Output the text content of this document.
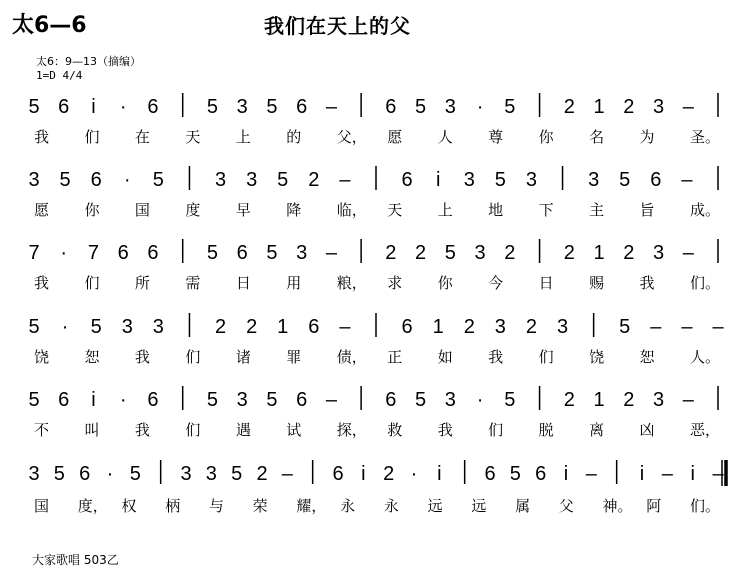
太6—6	我们在天上的父
太6：9—13（摘编）
1=D 4/4
5 6 i · 6 5 3 5 6 – 6 5 3 · 5 2 1 2 3 –
我 们 在 天 上 的 父， 愿 人 尊 你 名 为 圣。
3 5 6 · 5	3 3 5 2 –	6 i 3 5 3	3 5 6 –
愿 你 国 度 早 降 临， 天 上 地 下 主 旨 成。
7 · 7 6 6 5 6 5 3 – 2 2 5 3 2 2 1 2 3 –
我 们 所 需 日 用 粮， 求 你 今 日 赐 我 们。
5 · 5 3 3	2 2 1 6 –	6 1 2 3 2 3	5 – – –
饶 恕 我 们 诸 罪 债， 正 如 我 们 饶 恕 人。
5 6 i · 6 5 3 5 6 – 6 5 3 · 5 2 1 2 3 –
不 叫 我 们 遇 试 探， 救 我 们 脱 离 凶 恶，
3 5 6 · 5 3 3 5 2 – 6 i 2 · i 6 5 6 i – i – i –
国 度， 权 柄 与 荣 耀， 永 永 远 远 属 父 神。 阿 们。
大家歌唱 503乙
